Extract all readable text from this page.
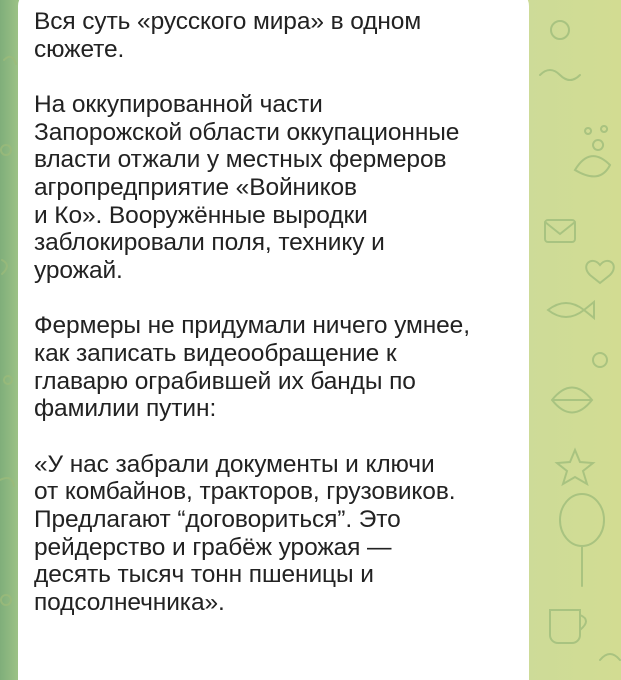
Вся суть «русского мира» в одном
сюжете.

На оккупированной части
Запорожской области оккупационные
власти отжали у местных фермеров
агропредприятие «Войников
и Ко». Вооружённые выродки
заблокировали поля, технику и
урожай.

Фермеры не придумали ничего умнее,
как записать видеообращение к
главарю ограбившей их банды по
фамилии путин:

«У нас забрали документы и ключи
от комбайнов, тракторов, грузовиков.
Предлагают “договориться”. Это
рейдерство и грабёж урожая —
десять тысяч тонн пшеницы и
подсолнечника».
